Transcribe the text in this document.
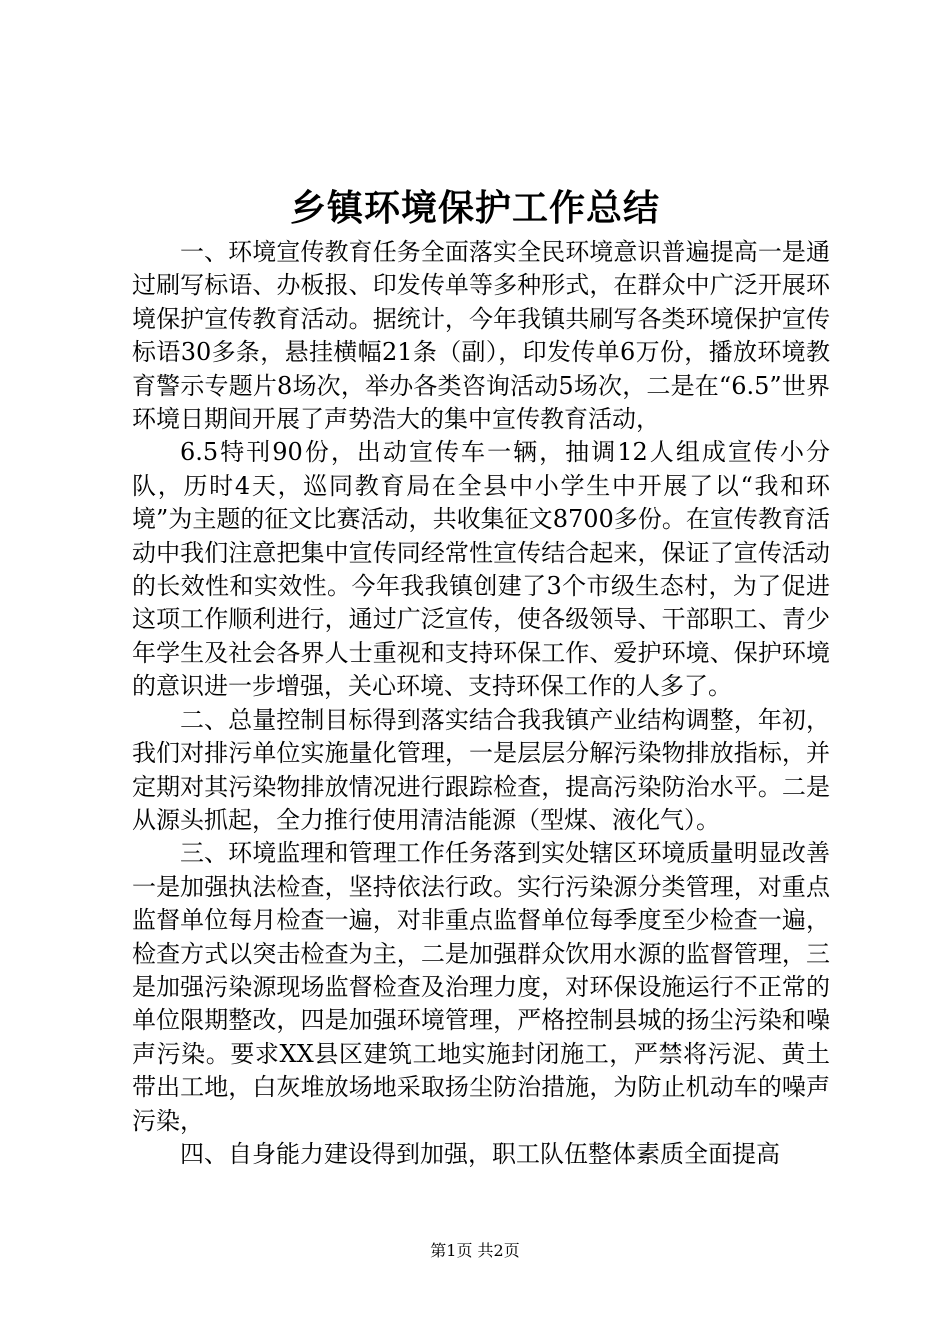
乡镇环境保护工作总结

一、环境宣传教育任务全面落实全民环境意识普遍提高一是通过刷写标语、办板报、印发传单等多种形式，在群众中广泛开展环境保护宣传教育活动。据统计，今年我镇共刷写各类环境保护宣传标语30多条，悬挂横幅21条（副），印发传单6万份，播放环境教育警示专题片8场次，举办各类咨询活动5场次，二是在“6.5”世界环境日期间开展了声势浩大的集中宣传教育活动，

6.5特刊90份，出动宣传车一辆，抽调12人组成宣传小分队，历时4天，巡同教育局在全县中小学生中开展了以“我和环境”为主题的征文比赛活动，共收集征文8700多份。在宣传教育活动中我们注意把集中宣传同经常性宣传结合起来，保证了宣传活动的长效性和实效性。今年我我镇创建了3个市级生态村，为了促进这项工作顺利进行，通过广泛宣传，使各级领导、干部职工、青少年学生及社会各界人士重视和支持环保工作、爱护环境、保护环境的意识进一步增强，关心环境、支持环保工作的人多了。

二、总量控制目标得到落实结合我我镇产业结构调整，年初，我们对排污单位实施量化管理，一是层层分解污染物排放指标，并定期对其污染物排放情况进行跟踪检查，提高污染防治水平。二是从源头抓起，全力推行使用清洁能源（型煤、液化气）。

三、环境监理和管理工作任务落到实处辖区环境质量明显改善一是加强执法检查，坚持依法行政。实行污染源分类管理，对重点监督单位每月检查一遍，对非重点监督单位每季度至少检查一遍，检查方式以突击检查为主，二是加强群众饮用水源的监督管理，三是加强污染源现场监督检查及治理力度，对环保设施运行不正常的单位限期整改，四是加强环境管理，严格控制县城的扬尘污染和噪声污染。要求XX县区建筑工地实施封闭施工，严禁将污泥、黄土带出工地，白灰堆放场地采取扬尘防治措施，为防止机动车的噪声污染，

四、自身能力建设得到加强，职工队伍整体素质全面提高

第1页 共2页
